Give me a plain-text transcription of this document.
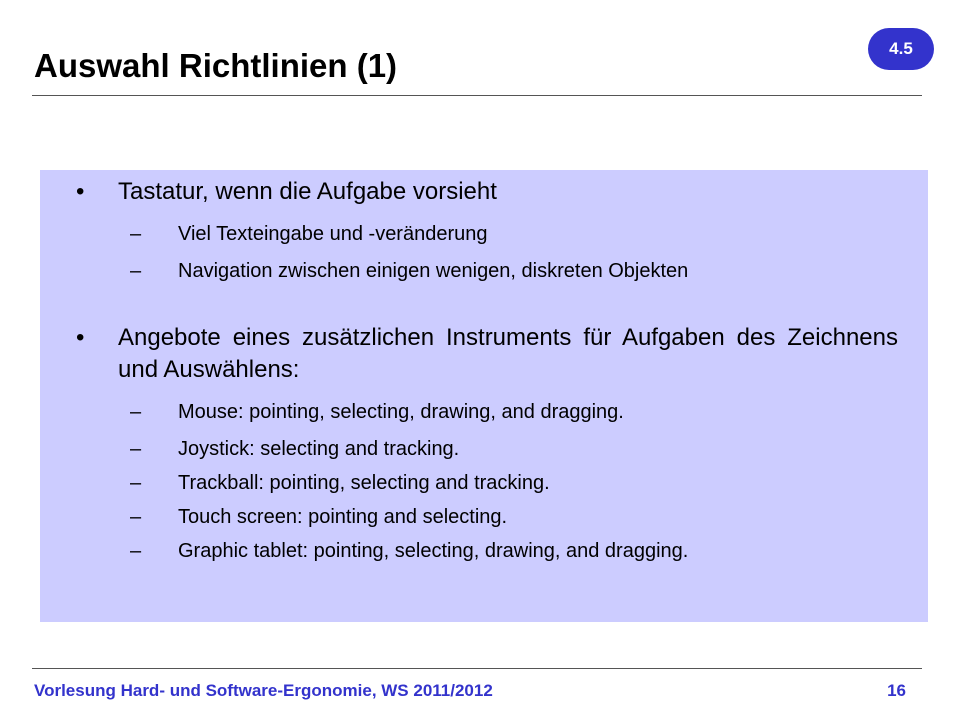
Auswahl Richtlinien (1)	4.5
• Tastatur, wenn die Aufgabe vorsieht
– Viel Texteingabe und -veränderung
– Navigation zwischen einigen wenigen, diskreten Objekten
• Angebote eines zusätzlichen Instruments für Aufgaben des Zeichnens und Auswählens:
– Mouse: pointing, selecting, drawing, and dragging.
– Joystick: selecting and tracking.
– Trackball: pointing, selecting and tracking.
– Touch screen: pointing and selecting.
– Graphic tablet: pointing, selecting, drawing, and dragging.
Vorlesung Hard- und Software-Ergonomie, WS 2011/2012	16
